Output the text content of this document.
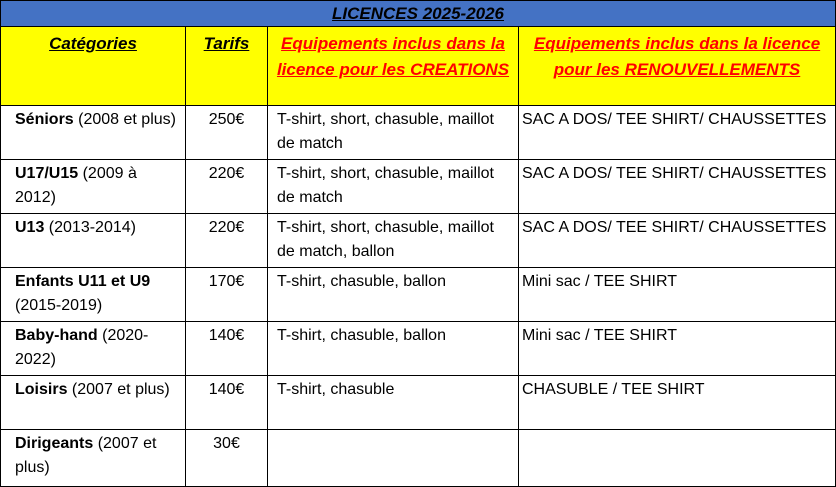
LICENCES 2025-2026			

Catégories	Tarifs	Equipements inclus dans la licence pour les CREATIONS	Equipements inclus dans la licence pour les RENOUVELLEMENTS

Séniors (2008 et plus)	250€	T-shirt, short, chasuble, maillot de match	SAC A DOS/ TEE SHIRT/ CHAUSSETTES
U17/U15 (2009 à 2012)	220€	T-shirt, short, chasuble, maillot de match	SAC A DOS/ TEE SHIRT/ CHAUSSETTES
U13 (2013-2014)	220€	T-shirt, short, chasuble, maillot de match, ballon	SAC A DOS/ TEE SHIRT/ CHAUSSETTES
Enfants U11 et U9 (2015-2019)	170€	T-shirt, chasuble, ballon	Mini sac / TEE SHIRT
Baby-hand (2020-2022)	140€	T-shirt, chasuble, ballon	Mini sac / TEE SHIRT
Loisirs (2007 et plus)	140€	T-shirt, chasuble	CHASUBLE / TEE SHIRT
Dirigeants (2007 et plus)	30€		
